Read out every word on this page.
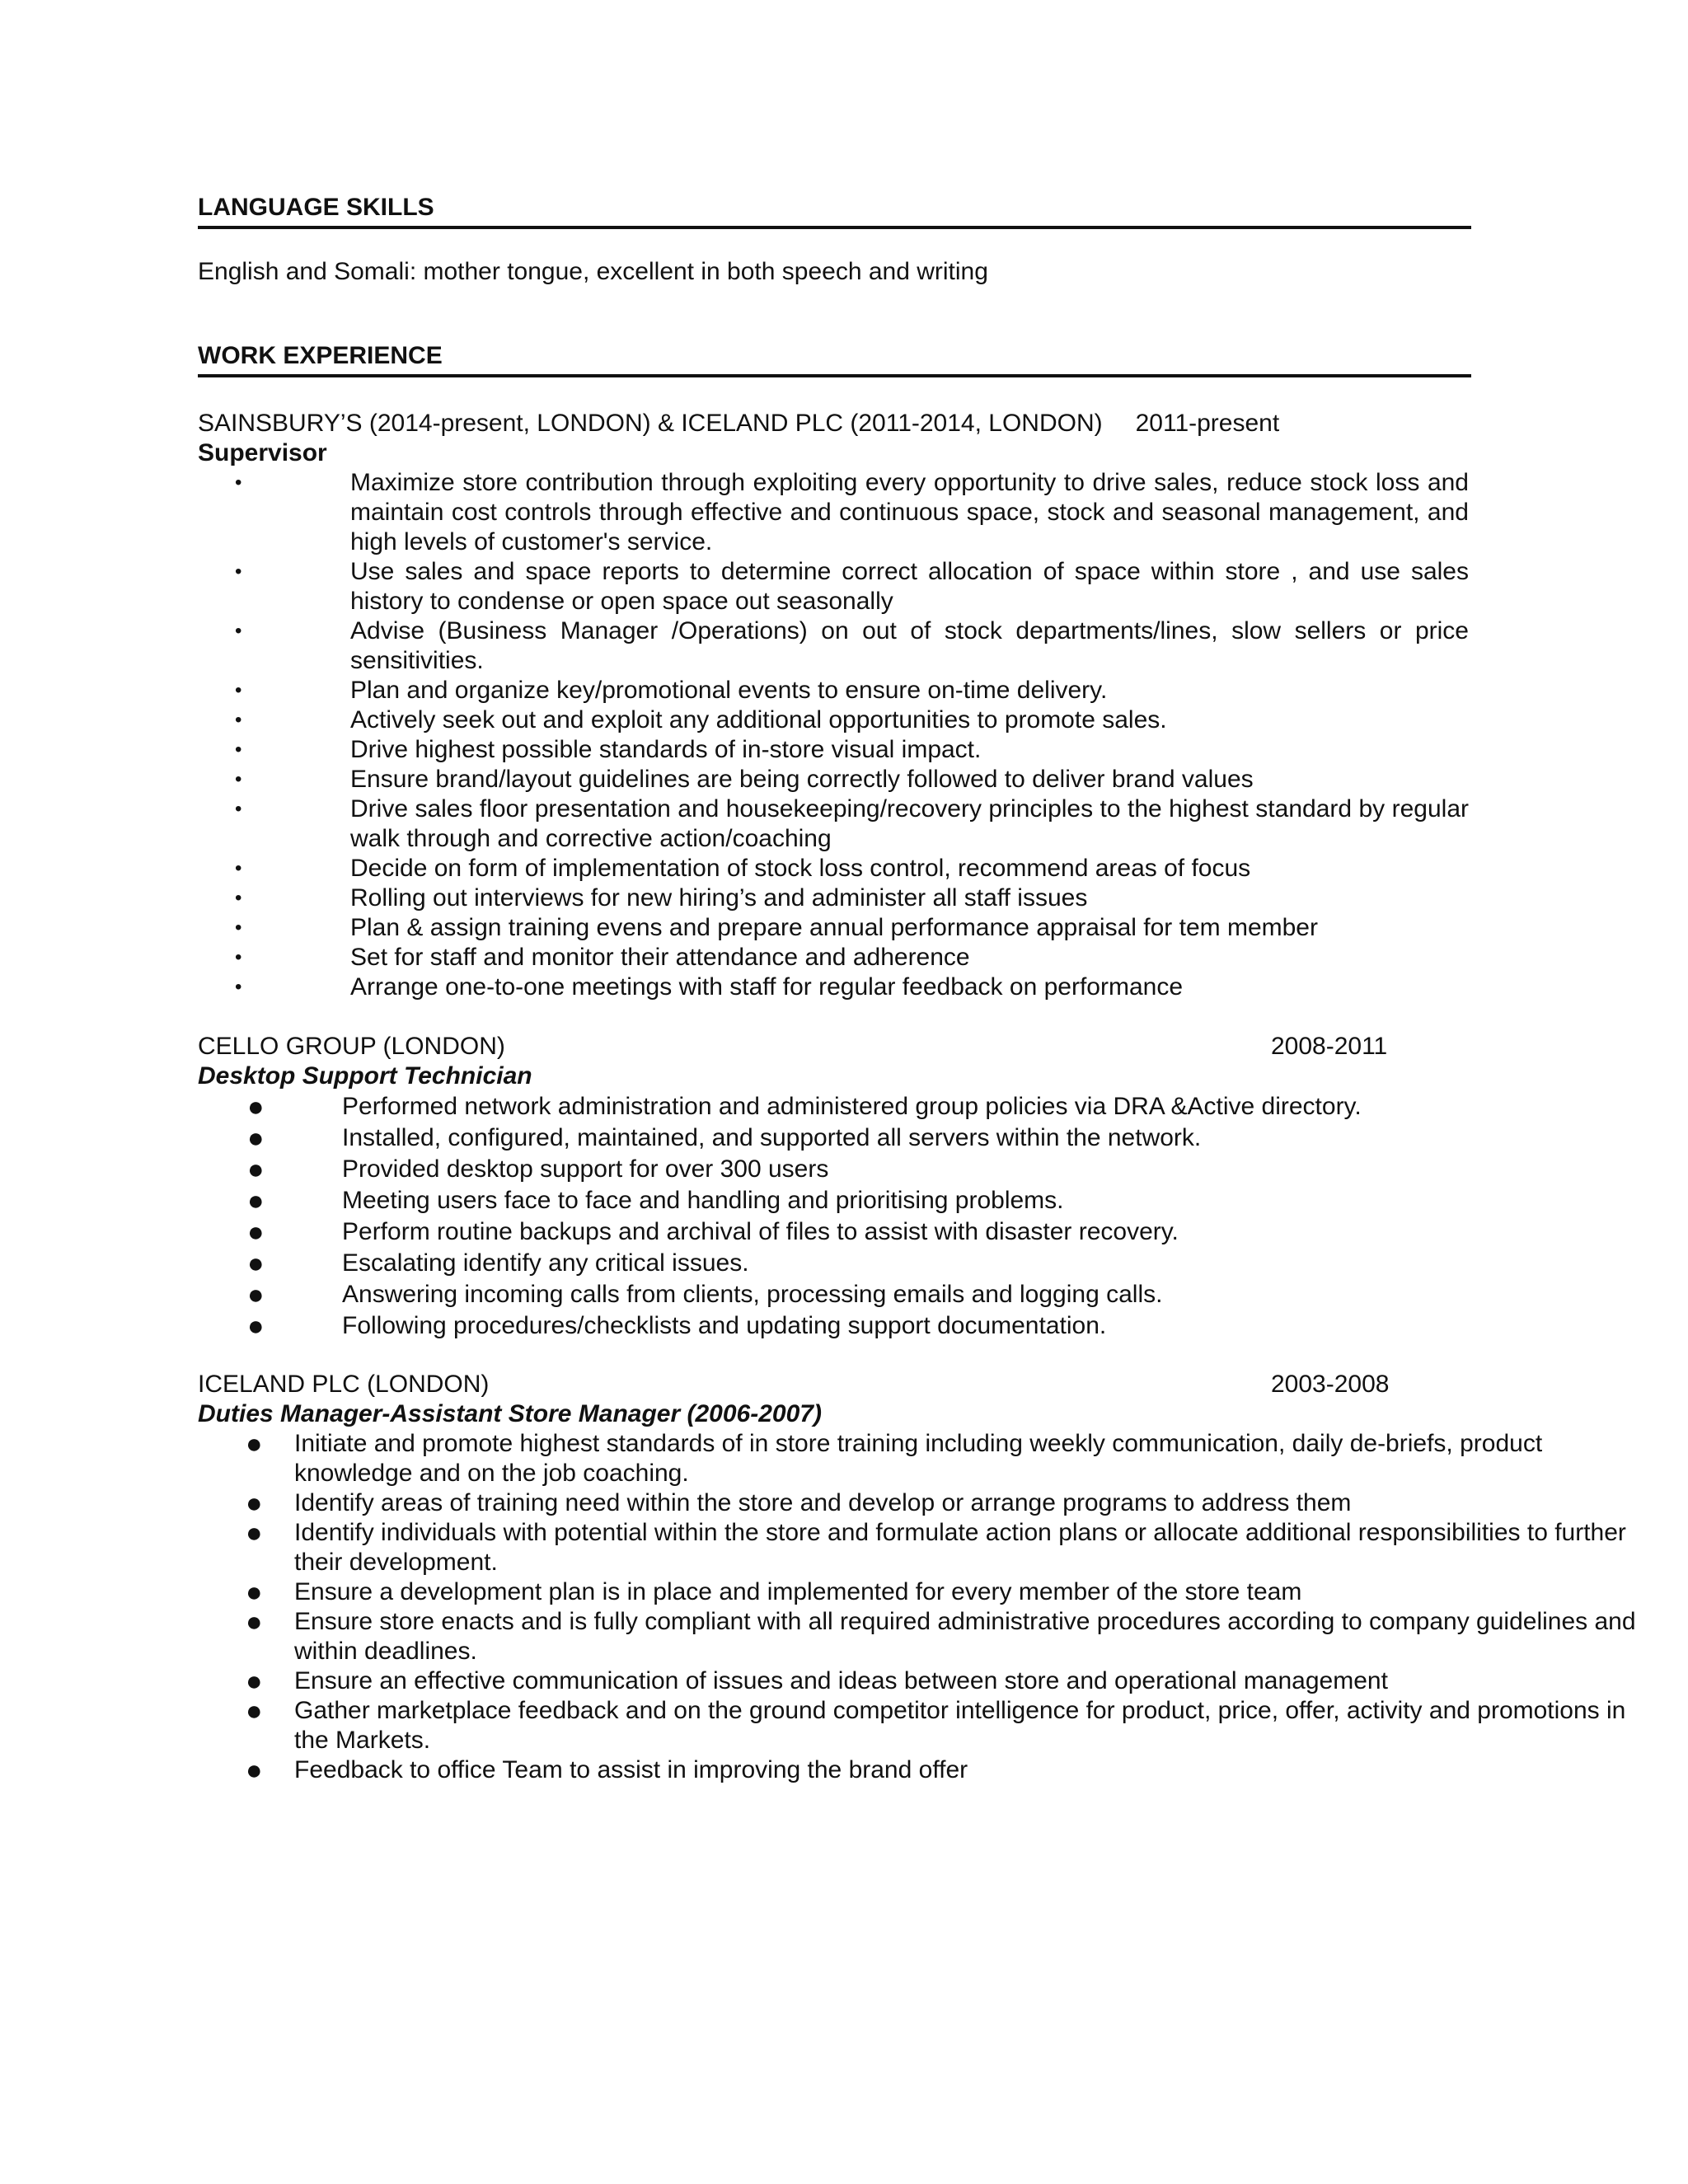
LANGUAGE SKILLS
English and Somali: mother tongue, excellent in both speech and writing
WORK EXPERIENCE
SAINSBURY’S (2014-present, LONDON) & ICELAND PLC (2011-2014, LONDON) 2011-present
Supervisor
•	Maximize store contribution through exploiting every opportunity to drive sales, reduce stock loss and maintain cost controls through effective and continuous space, stock and seasonal management, and high levels of customer's service.
•	Use sales and space reports to determine correct allocation of space within store , and use sales history to condense or open space out seasonally
•	Advise (Business Manager /Operations) on out of stock departments/lines, slow sellers or price sensitivities.
•	Plan and organize key/promotional events to ensure on-time delivery.
•	Actively seek out and exploit any additional opportunities to promote sales.
•	Drive highest possible standards of in-store visual impact.
•	Ensure brand/layout guidelines are being correctly followed to deliver brand values
•	Drive sales floor presentation and housekeeping/recovery principles to the highest standard by regular walk through and corrective action/coaching
•	Decide on form of implementation of stock loss control, recommend areas of focus
•	Rolling out interviews for new hiring’s and administer all staff issues
•	Plan & assign training evens and prepare annual performance appraisal for tem member
•	Set for staff and monitor their attendance and adherence
•	Arrange one-to-one meetings with staff for regular feedback on performance
CELLO GROUP (LONDON)	2008-2011
Desktop Support Technician
●	Performed network administration and administered group policies via DRA &Active directory.
●	Installed, configured, maintained, and supported all servers within the network.
●	Provided desktop support for over 300 users
●	Meeting users face to face and handling and prioritising problems.
●	Perform routine backups and archival of files to assist with disaster recovery.
●	Escalating identify any critical issues.
●	Answering incoming calls from clients, processing emails and logging calls.
●	Following procedures/checklists and updating support documentation.
ICELAND PLC (LONDON)	2003-2008
Duties Manager-Assistant Store Manager (2006-2007)
● Initiate and promote highest standards of in store training including weekly communication, daily de-briefs, product knowledge and on the job coaching.
● Identify areas of training need within the store and develop or arrange programs to address them
● Identify individuals with potential within the store and formulate action plans or allocate additional responsibilities to further their development.
● Ensure a development plan is in place and implemented for every member of the store team
● Ensure store enacts and is fully compliant with all required administrative procedures according to company guidelines and within deadlines.
● Ensure an effective communication of issues and ideas between store and operational management
● Gather marketplace feedback and on the ground competitor intelligence for product, price, offer, activity and promotions in the Markets.
● Feedback to office Team to assist in improving the brand offer
